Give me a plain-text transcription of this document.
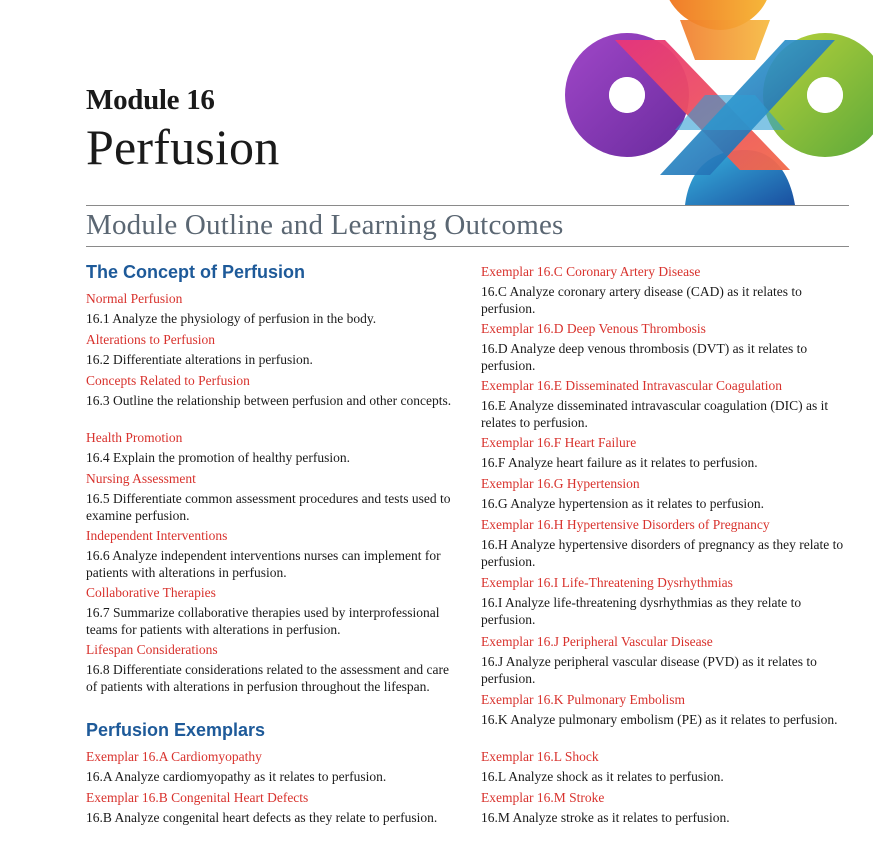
Module 16
Perfusion
Module Outline and Learning Outcomes
The Concept of Perfusion
Normal Perfusion
16.1 Analyze the physiology of perfusion in the body.
Alterations to Perfusion
16.2 Differentiate alterations in perfusion.
Concepts Related to Perfusion
16.3 Outline the relationship between perfusion and other concepts.
Health Promotion
16.4 Explain the promotion of healthy perfusion.
Nursing Assessment
16.5 Differentiate common assessment procedures and tests used to examine perfusion.
Independent Interventions
16.6 Analyze independent interventions nurses can implement for patients with alterations in perfusion.
Collaborative Therapies
16.7 Summarize collaborative therapies used by interprofessional teams for patients with alterations in perfusion.
Lifespan Considerations
16.8 Differentiate considerations related to the assessment and care of patients with alterations in perfusion throughout the lifespan.
Perfusion Exemplars
Exemplar 16.A Cardiomyopathy
16.A Analyze cardiomyopathy as it relates to perfusion.
Exemplar 16.B Congenital Heart Defects
16.B Analyze congenital heart defects as they relate to perfusion.
Exemplar 16.C Coronary Artery Disease
16.C Analyze coronary artery disease (CAD) as it relates to perfusion.
Exemplar 16.D Deep Venous Thrombosis
16.D Analyze deep venous thrombosis (DVT) as it relates to perfusion.
Exemplar 16.E Disseminated Intravascular Coagulation
16.E Analyze disseminated intravascular coagulation (DIC) as it relates to perfusion.
Exemplar 16.F Heart Failure
16.F Analyze heart failure as it relates to perfusion.
Exemplar 16.G Hypertension
16.G Analyze hypertension as it relates to perfusion.
Exemplar 16.H Hypertensive Disorders of Pregnancy
16.H Analyze hypertensive disorders of pregnancy as they relate to perfusion.
Exemplar 16.I Life-Threatening Dysrhythmias
16.I Analyze life-threatening dysrhythmias as they relate to perfusion.
Exemplar 16.J Peripheral Vascular Disease
16.J Analyze peripheral vascular disease (PVD) as it relates to perfusion.
Exemplar 16.K Pulmonary Embolism
16.K Analyze pulmonary embolism (PE) as it relates to perfusion.
Exemplar 16.L Shock
16.L Analyze shock as it relates to perfusion.
Exemplar 16.M Stroke
16.M Analyze stroke as it relates to perfusion.
